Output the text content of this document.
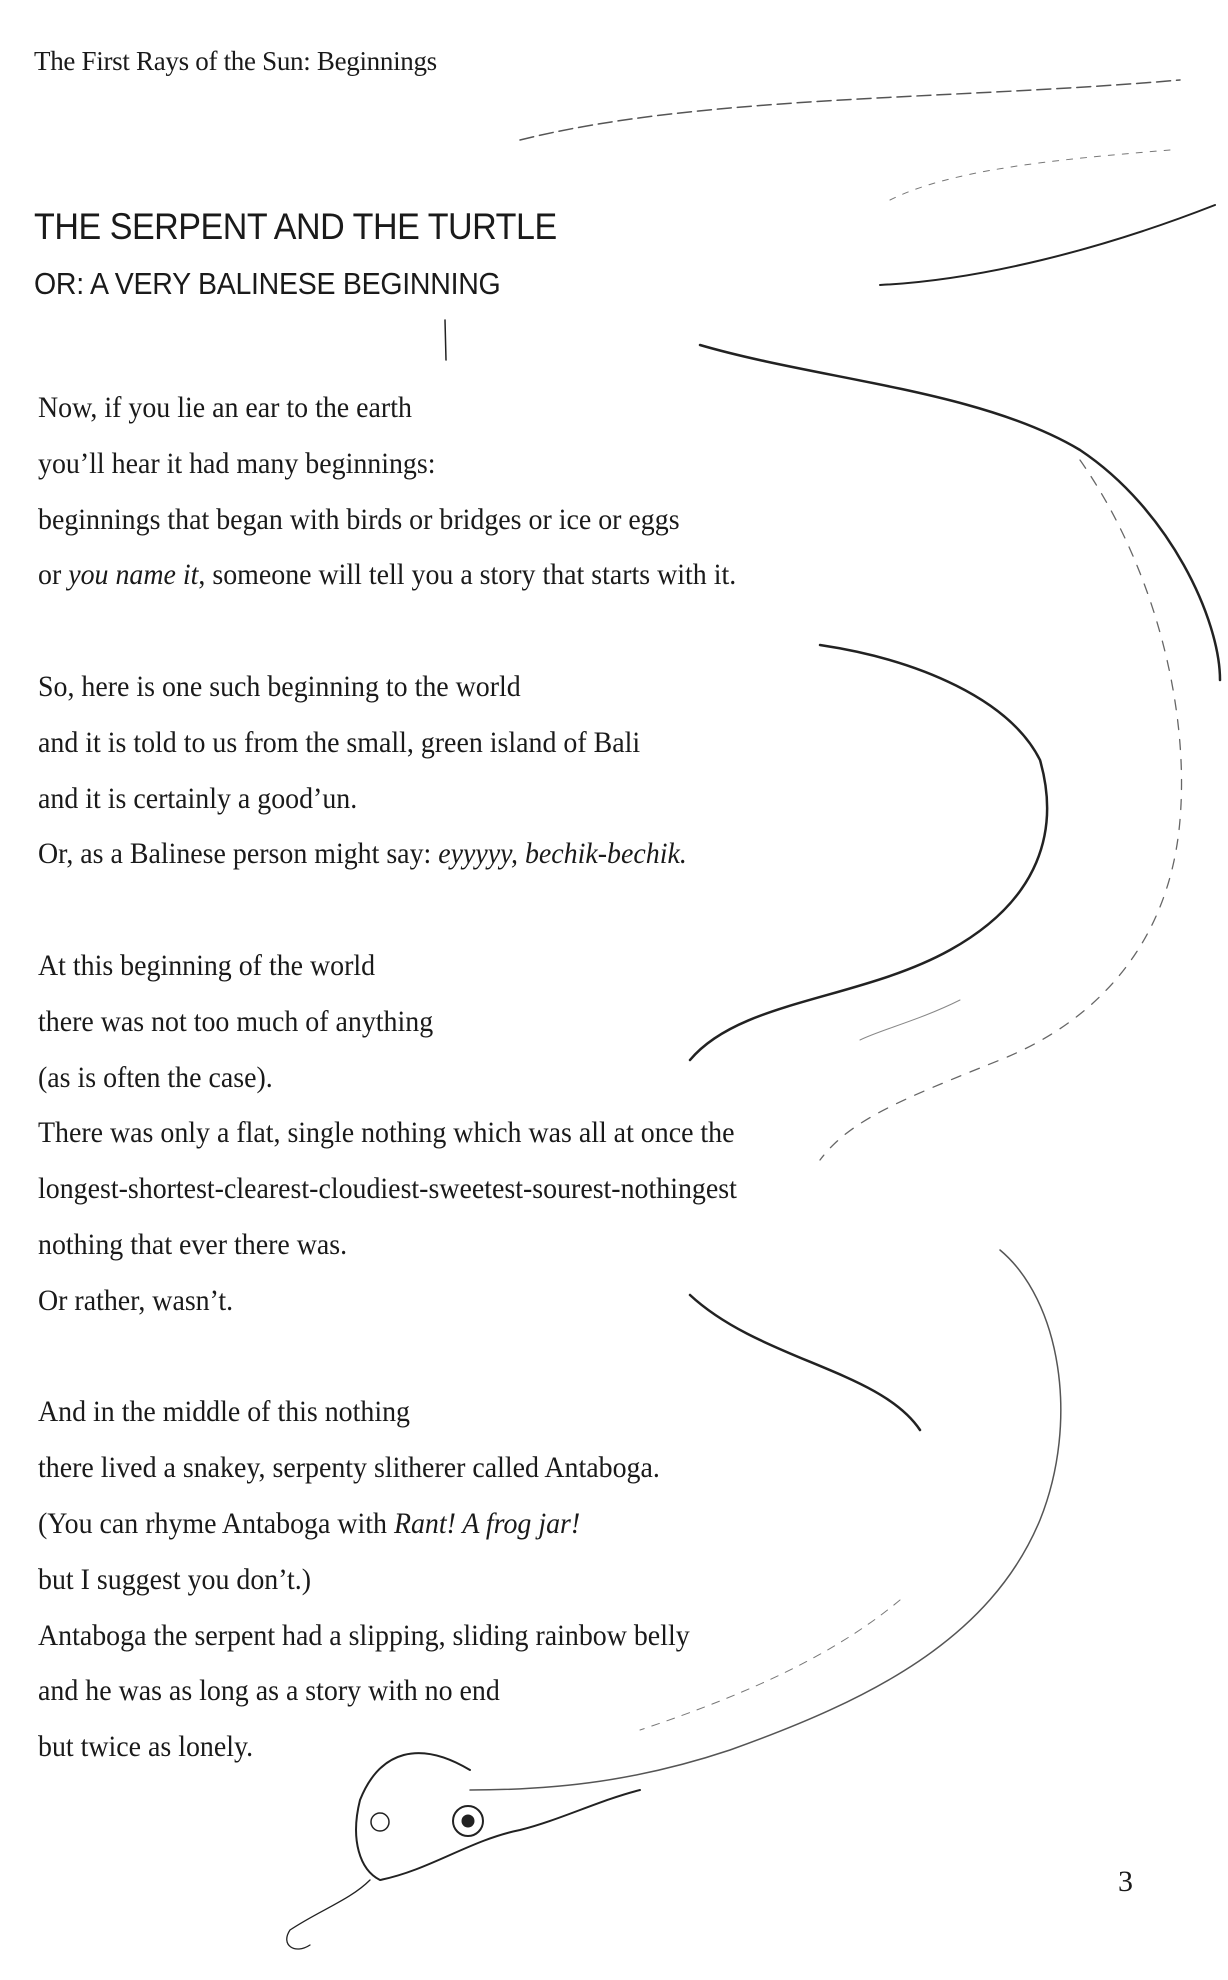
The First Rays of the Sun: Beginnings
THE SERPENT AND THE TURTLE
OR: A VERY BALINESE BEGINNING
Now, if you lie an ear to the earth
you’ll hear it had many beginnings:
beginnings that began with birds or bridges or ice or eggs
or you name it, someone will tell you a story that starts with it.
So, here is one such beginning to the world
and it is told to us from the small, green island of Bali
and it is certainly a good’un.
Or, as a Balinese person might say: eyyyyy, bechik-bechik.
At this beginning of the world
there was not too much of anything
(as is often the case).
There was only a flat, single nothing which was all at once the
longest-shortest-clearest-cloudiest-sweetest-sourest-nothingest
nothing that ever there was.
Or rather, wasn’t.
And in the middle of this nothing
there lived a snakey, serpenty slitherer called Antaboga.
(You can rhyme Antaboga with Rant! A frog jar!
but I suggest you don’t.)
Antaboga the serpent had a slipping, sliding rainbow belly
and he was as long as a story with no end
but twice as lonely.
3
